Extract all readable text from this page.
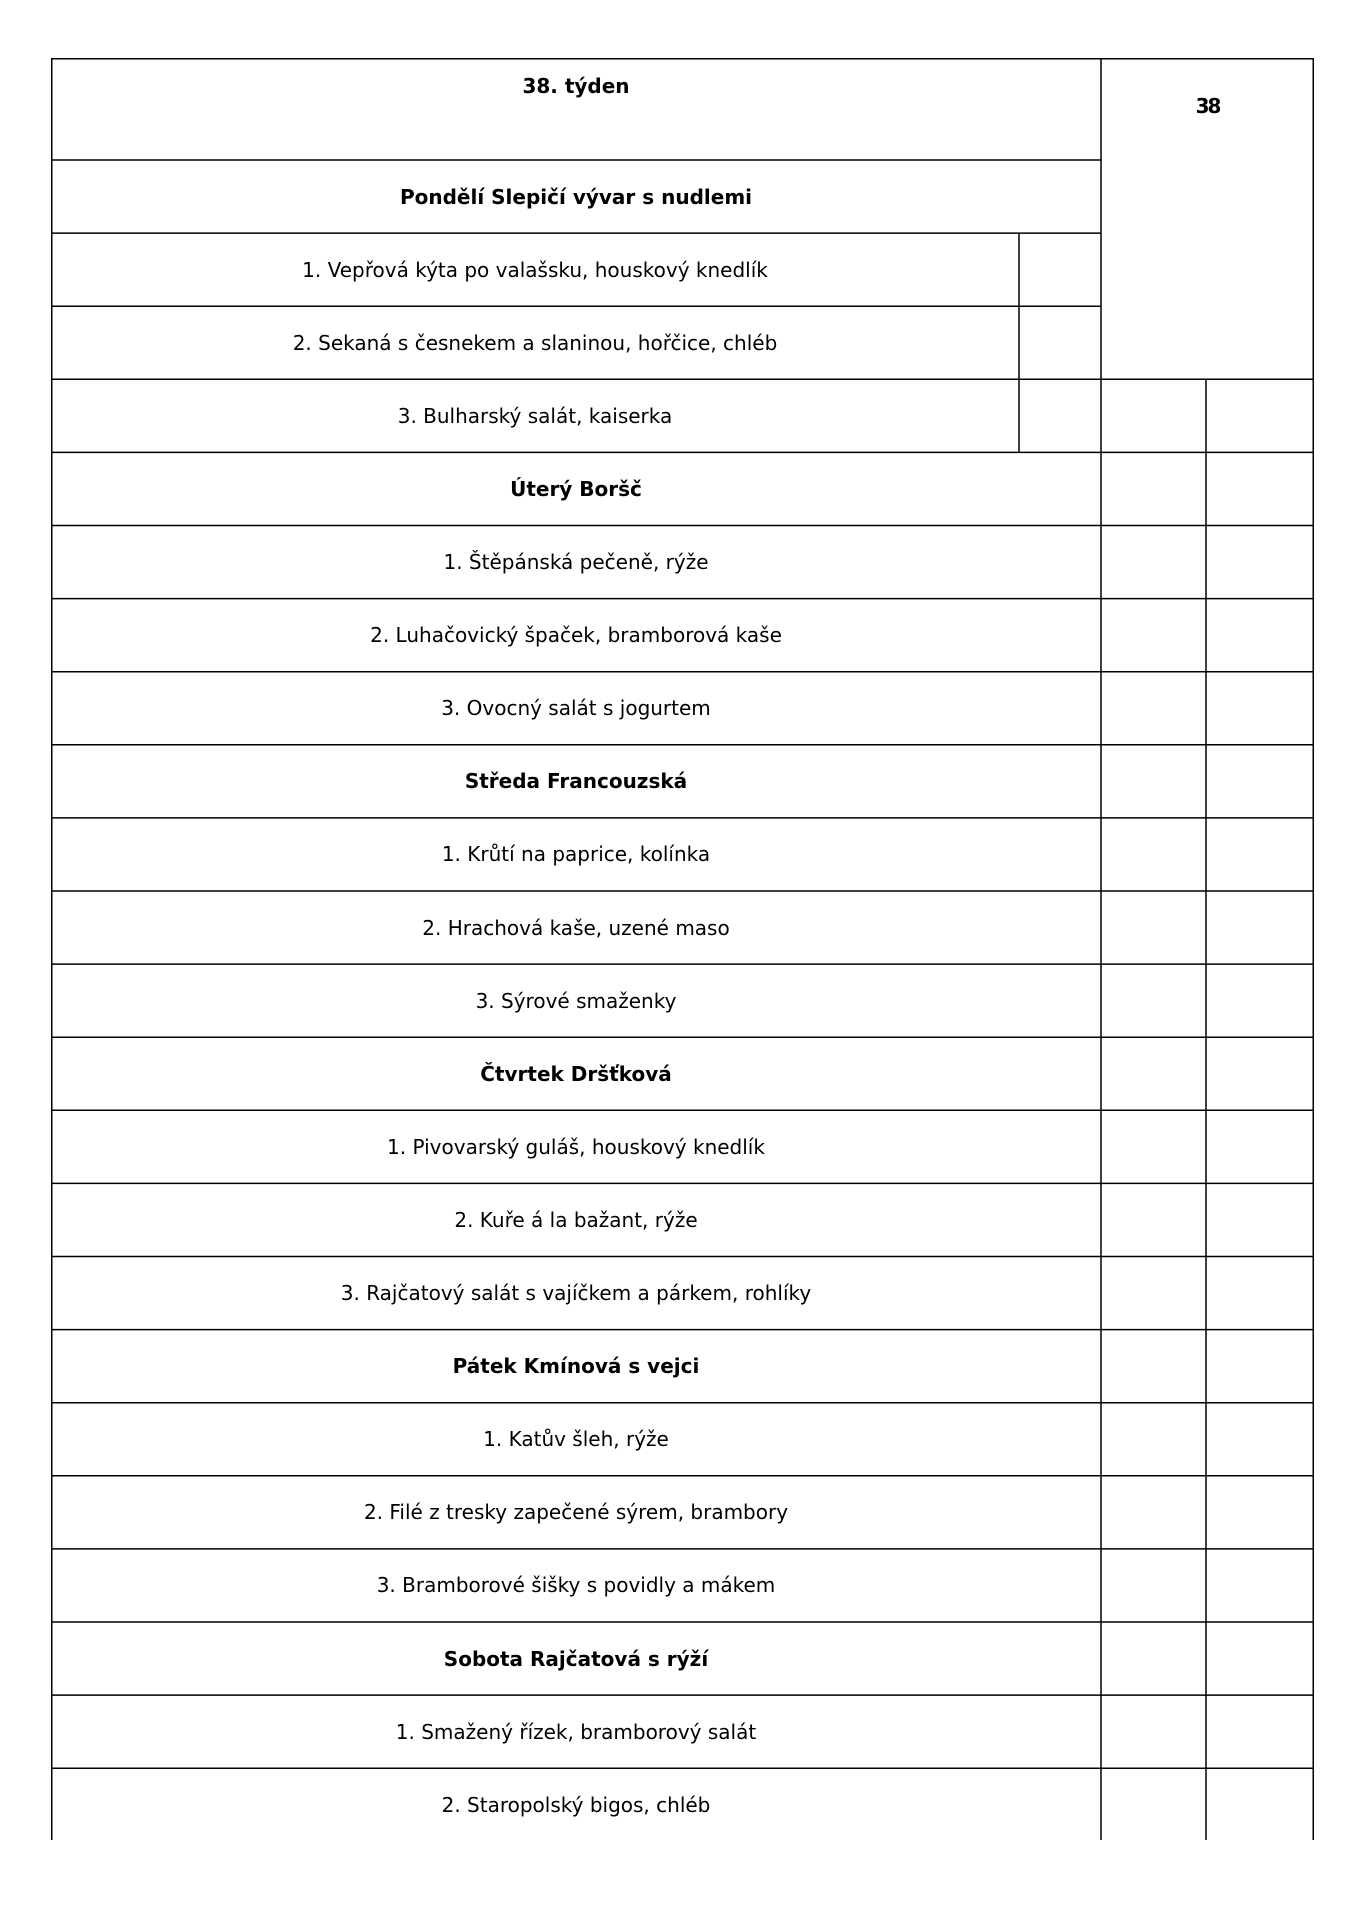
38. týden
38
Pondělí Slepičí vývar s nudlemi
1. Vepřová kýta po valašsku, houskový knedlík
2. Sekaná s česnekem a slaninou, hořčice, chléb
3. Bulharský salát, kaiserka
Úterý Boršč
1. Štěpánská pečeně, rýže
2. Luhačovický špaček, bramborová kaše
3. Ovocný salát s jogurtem
Středa Francouzská
1. Krůtí na paprice, kolínka
2. Hrachová kaše, uzené maso
3. Sýrové smaženky
Čtvrtek Dršťková
1. Pivovarský guláš, houskový knedlík
2. Kuře á la bažant, rýže
3. Rajčatový salát s vajíčkem a párkem, rohlíky
Pátek Kmínová s vejci
1. Katův šleh, rýže
2. Filé z tresky zapečené sýrem, brambory
3. Bramborové šišky s povidly a mákem
Sobota Rajčatová s rýží
1. Smažený řízek, bramborový salát
2. Staropolský bigos, chléb
